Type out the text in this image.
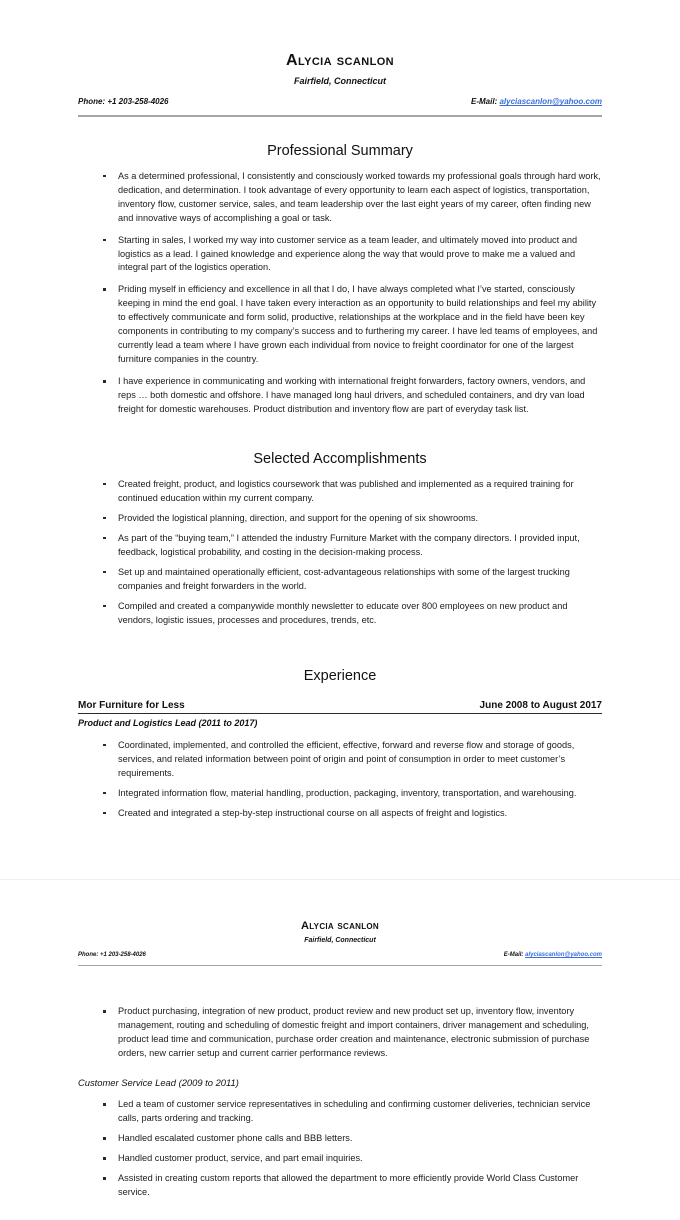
Alycia scanlon
Fairfield, Connecticut
Phone: +1 203-258-4026	E-Mail: alyciascanlon@yahoo.com
Professional Summary
As a determined professional, I consistently and consciously worked towards my professional goals through hard work, dedication, and determination. I took advantage of every opportunity to learn each aspect of logistics, transportation, inventory flow, customer service, sales, and team leadership over the last eight years of my career, often finding new and innovative ways of accomplishing a goal or task.
Starting in sales, I worked my way into customer service as a team leader, and ultimately moved into product and logistics as a lead. I gained knowledge and experience along the way that would prove to make me a valued and integral part of the logistics operation.
Priding myself in efficiency and excellence in all that I do, I have always completed what I’ve started, consciously keeping in mind the end goal. I have taken every interaction as an opportunity to build relationships and feel my ability to effectively communicate and form solid, productive, relationships at the workplace and in the field have been key components in contributing to my company’s success and to furthering my career. I have led teams of employees, and currently lead a team where I have grown each individual from novice to freight coordinator for one of the largest furniture companies in the country.
I have experience in communicating and working with international freight forwarders, factory owners, vendors, and reps … both domestic and offshore. I have managed long haul drivers, and scheduled containers, and dry van load freight for domestic warehouses. Product distribution and inventory flow are part of everyday task list.
Selected Accomplishments
Created freight, product, and logistics coursework that was published and implemented as a required training for continued education within my current company.
Provided the logistical planning, direction, and support for the opening of six showrooms.
As part of the “buying team,” I attended the industry Furniture Market with the company directors. I provided input, feedback, logistical probability, and costing in the decision-making process.
Set up and maintained operationally efficient, cost-advantageous relationships with some of the largest trucking companies and freight forwarders in the world.
Compiled and created a companywide monthly newsletter to educate over 800 employees on new product and vendors, logistic issues, processes and procedures, trends, etc.
Experience
Mor Furniture for Less	June 2008 to August 2017
Product and Logistics Lead (2011 to 2017)
Coordinated, implemented, and controlled the efficient, effective, forward and reverse flow and storage of goods, services, and related information between point of origin and point of consumption in order to meet customer’s requirements.
Integrated information flow, material handling, production, packaging, inventory, transportation, and warehousing.
Created and integrated a step-by-step instructional course on all aspects of freight and logistics.
Alycia scanlon
Fairfield, Connecticut
Phone: +1 203-258-4026	E-Mail: alyciascanlon@yahoo.com
Product purchasing, integration of new product, product review and new product set up, inventory flow, inventory management, routing and scheduling of domestic freight and import containers, driver management and scheduling, product lead time and communication, purchase order creation and maintenance, electronic submission of purchase orders, new carrier setup and current carrier performance reviews.
Customer Service Lead (2009 to 2011)
Led a team of customer service representatives in scheduling and confirming customer deliveries, technician service calls, parts ordering and tracking.
Handled escalated customer phone calls and BBB letters.
Handled customer product, service, and part email inquiries.
Assisted in creating custom reports that allowed the department to more efficiently provide World Class Customer service.
